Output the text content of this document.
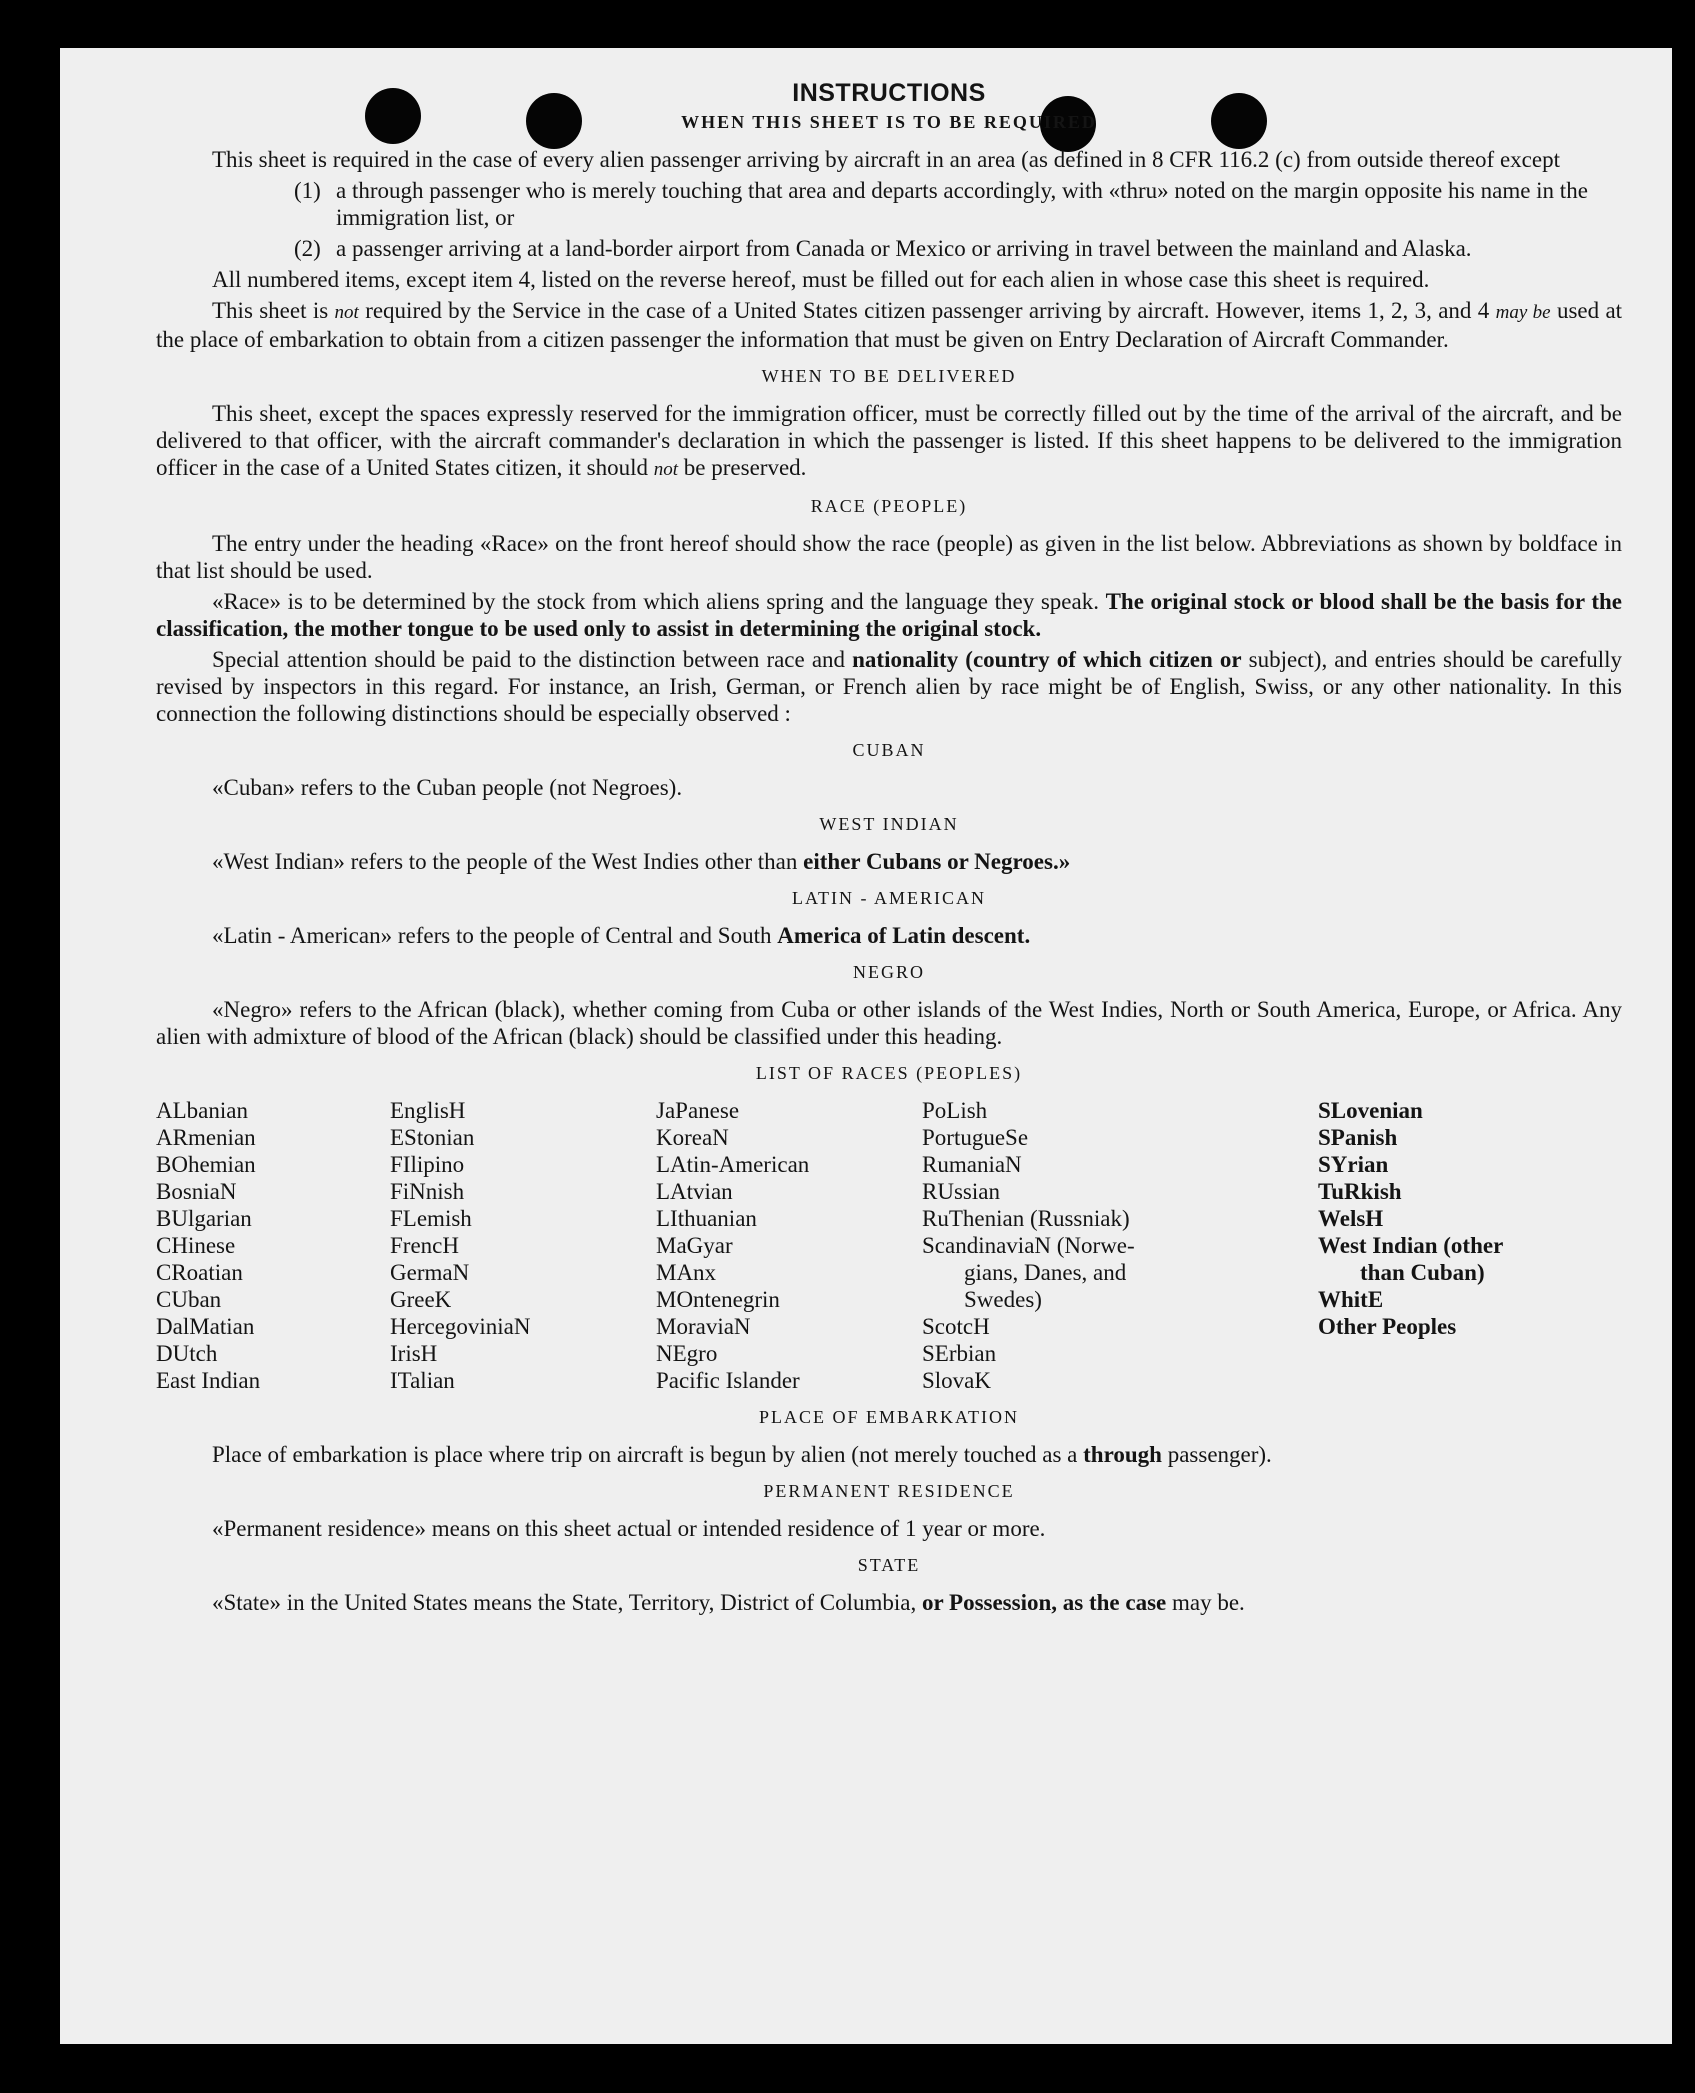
INSTRUCTIONS
WHEN THIS SHEET IS TO BE REQUIRED

This sheet is required in the case of every alien passenger arriving by aircraft in an area (as defined in 8 CFR 116.2 (c) from outside thereof except

(1) a through passenger who is merely touching that area and departs accordingly, with «thru» noted on the margin opposite his name in the immigration list, or
(2) a passenger arriving at a land-border airport from Canada or Mexico or arriving in travel between the mainland and Alaska.

All numbered items, except item 4, listed on the reverse hereof, must be filled out for each alien in whose case this sheet is required.

This sheet is not required by the Service in the case of a United States citizen passenger arriving by aircraft. However, items 1, 2, 3, and 4 may be used at the place of embarkation to obtain from a citizen passenger the information that must be given on Entry Declaration of Aircraft Commander.

WHEN TO BE DELIVERED

This sheet, except the spaces expressly reserved for the immigration officer, must be correctly filled out by the time of the arrival of the aircraft, and be delivered to that officer, with the aircraft commander's declaration in which the passenger is listed. If this sheet happens to be delivered to the immigration officer in the case of a United States citizen, it should not be preserved.

RACE (PEOPLE)

The entry under the heading «Race» on the front hereof should show the race (people) as given in the list below. Abbreviations as shown by boldface in that list should be used.

«Race» is to be determined by the stock from which aliens spring and the language they speak. The original stock or blood shall be the basis for the classification, the mother tongue to be used only to assist in determining the original stock.

Special attention should be paid to the distinction between race and nationality (country of which citizen or subject), and entries should be carefully revised by inspectors in this regard. For instance, an Irish, German, or French alien by race might be of English, Swiss, or any other nationality. In this connection the following distinctions should be especially observed :

CUBAN

«Cuban» refers to the Cuban people (not Negroes).

WEST INDIAN

«West Indian» refers to the people of the West Indies other than either Cubans or Negroes.»

LATIN - AMERICAN

«Latin - American» refers to the people of Central and South America of Latin descent.

NEGRO

«Negro» refers to the African (black), whether coming from Cuba or other islands of the West Indies, North or South America, Europe, or Africa. Any alien with admixture of blood of the African (black) should be classified under this heading.

LIST OF RACES (PEOPLES)
ALbanian
ARmenian
BOhemian
BosniaN
BUlgarian
CHinese
CRoatian
CUban
DalMatian
DUtch
East Indian
EnglisH
EStonian
FIlipino
FiNnish
FLemish
FrencH
GermaN
GreeK
HercegoviniaN
IrisH
ITalian
JaPanese
KoreaN
LAtin-American
LAtvian
LIthuanian
MaGyar
MAnx
MOntenegrin
MoraviaN
NEgro
Pacific Islander
PoLish
PortugueSe
RumaniaN
RUssian
RuThenian (Russniak)
ScandinaviaN (Norwe-
gians, Danes, and
Swedes)
ScotcH
SErbian
SlovaK
SLovenian
SPanish
SYrian
TuRkish
WelsH
West Indian (other
than Cuban)
WhitE
Other Peoples
PLACE OF EMBARKATION

Place of embarkation is place where trip on aircraft is begun by alien (not merely touched as a through passenger).

PERMANENT RESIDENCE

«Permanent residence» means on this sheet actual or intended residence of 1 year or more.

STATE

«State» in the United States means the State, Territory, District of Columbia, or Possession, as the case may be.
